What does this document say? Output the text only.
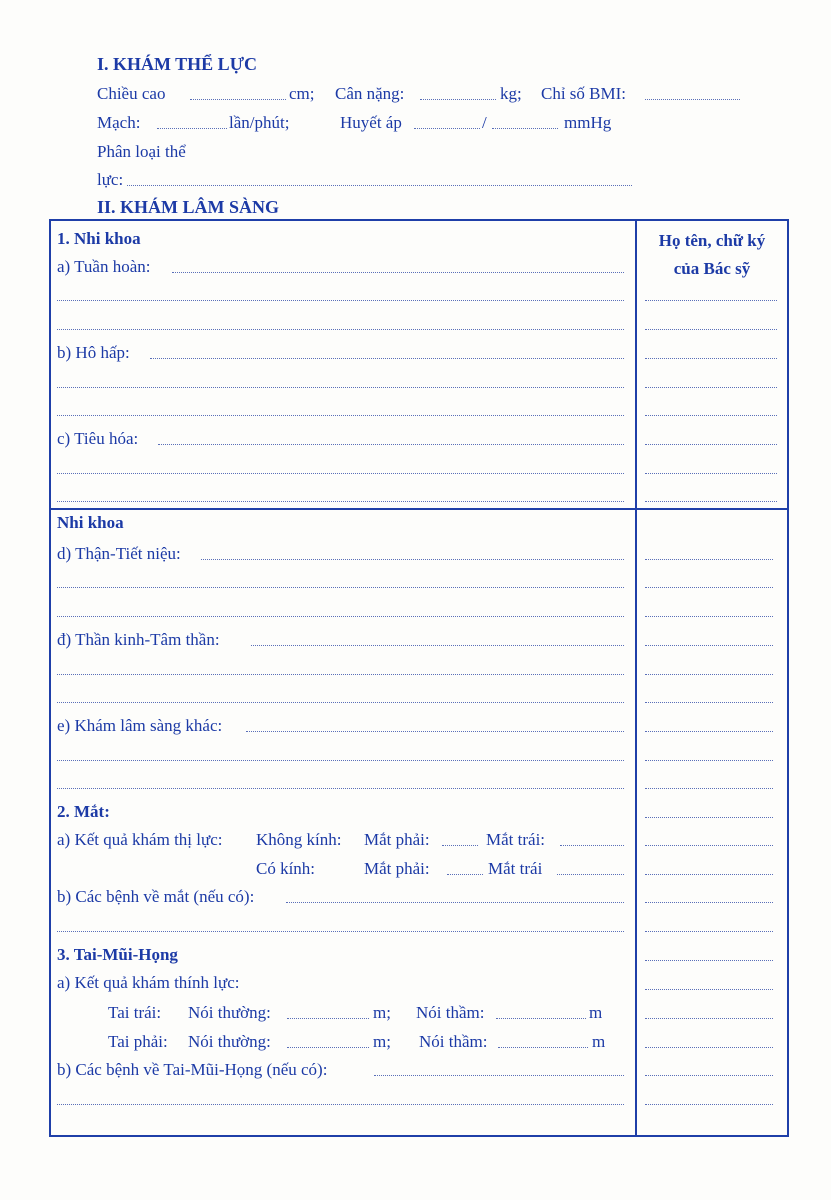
I. KHÁM THỂ LỰC
Chiều cao	cm; Cân nặng:	kg; Chỉ số BMI:
Mạch:	lần/phút;	Huyết áp	/	mmHg
Phân loại thể
lực:
II. KHÁM LÂM SÀNG
Họ tên, chữ ký
của Bác sỹ
1. Nhi khoa
a) Tuần hoàn:
b) Hô hấp:
c) Tiêu hóa:
Nhi khoa
d) Thận-Tiết niệu:
đ) Thần kinh-Tâm thần:
e) Khám lâm sàng khác:
2. Mắt:
a) Kết quả khám thị lực: Không kính: Mắt phải:	Mắt trái:
Có kính:	Mắt phải:	Mắt trái
b) Các bệnh về mắt (nếu có):
3. Tai-Mũi-Họng
a) Kết quả khám thính lực:
Tai trái: Nói thường:	m; Nói thầm:	m
Tai phải: Nói thường:	m; Nói thầm:	m
b) Các bệnh về Tai-Mũi-Họng (nếu có):
